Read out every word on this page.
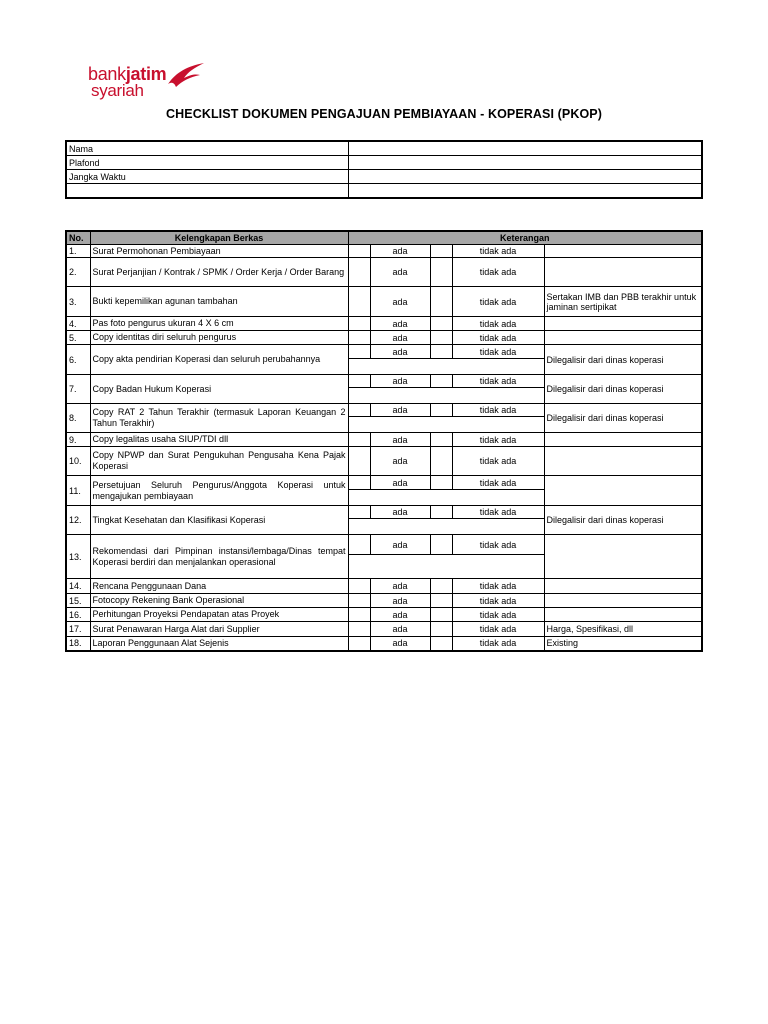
bankjatim
syariah
CHECKLIST DOKUMEN PENGAJUAN PEMBIAYAAN - KOPERASI (PKOP)
Nama	
Plafond	
Jangka Waktu	

No.	Kelengkapan Berkas	Keterangan				
1.	Surat Permohonan Pembiayaan		ada		tidak ada	
2.	Surat Perjanjian / Kontrak / SPMK / Order Kerja / Order Barang		ada		tidak ada	
3.	Bukti kepemilikan agunan tambahan		ada		tidak ada	Sertakan IMB dan PBB terakhir untuk jaminan sertipikat
4.	Pas foto pengurus ukuran 4 X 6 cm		ada		tidak ada	
5.	Copy identitas diri seluruh pengurus		ada		tidak ada	
6.	Copy akta pendirian Koperasi dan seluruh perubahannya		ada		tidak ada	Dilegalisir dari dinas koperasi

7.	Copy Badan Hukum Koperasi		ada		tidak ada	Dilegalisir dari dinas koperasi

8.	Copy RAT 2 Tahun Terakhir (termasuk Laporan Keuangan 2 Tahun Terakhir)		ada		tidak ada	Dilegalisir dari dinas koperasi

9.	Copy legalitas usaha SIUP/TDI dll		ada		tidak ada	
10.	Copy NPWP dan Surat Pengukuhan Pengusaha Kena Pajak Koperasi		ada		tidak ada	
11.	Persetujuan Seluruh Pengurus/Anggota Koperasi untuk mengajukan pembiayaan		ada		tidak ada	

12.	Tingkat Kesehatan dan Klasifikasi Koperasi		ada		tidak ada	Dilegalisir dari dinas koperasi

13.	Rekomendasi dari Pimpinan instansi/lembaga/Dinas tempat Koperasi berdiri dan menjalankan operasional		ada		tidak ada	

14.	Rencana Penggunaan Dana		ada		tidak ada	
15.	Fotocopy Rekening Bank Operasional		ada		tidak ada	
16.	Perhitungan Proyeksi Pendapatan atas Proyek		ada		tidak ada	
17.	Surat Penawaran Harga Alat dari Supplier		ada		tidak ada	Harga, Spesifikasi, dll
18.	Laporan Penggunaan Alat Sejenis		ada		tidak ada	Existing
